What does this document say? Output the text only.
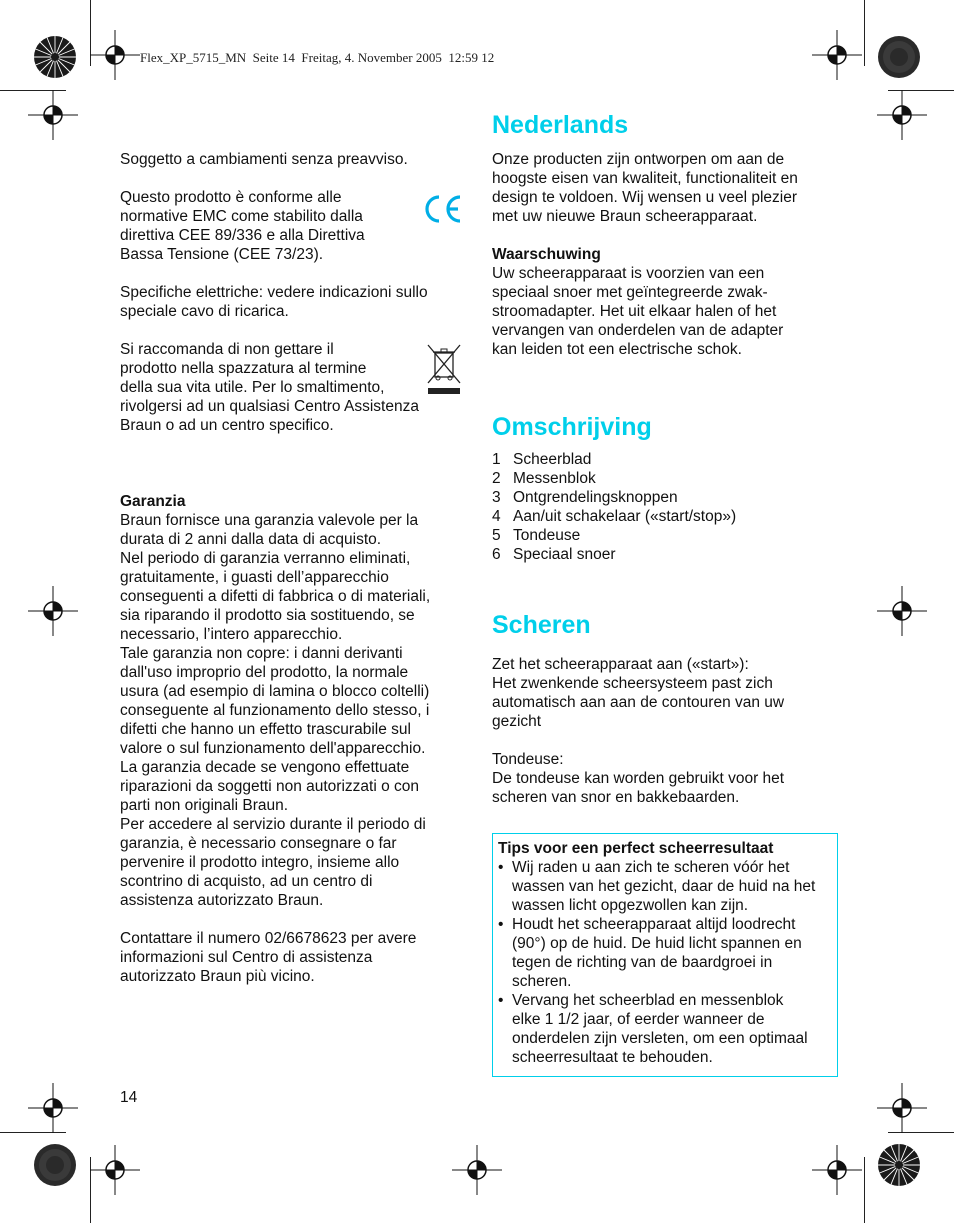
Flex_XP_5715_MN  Seite 14  Freitag, 4. November 2005  12:59 12

Soggetto a cambiamenti senza preavviso.

Questo prodotto è conforme alle
normative EMC come stabilito dalla
direttiva CEE 89/336 e alla Direttiva
Bassa Tensione (CEE 73/23).
Specifiche elettriche: vedere indicazioni sullo
speciale cavo di ricarica.
Si raccomanda di non gettare il
prodotto nella spazzatura al termine
della sua vita utile. Per lo smaltimento,
rivolgersi ad un qualsiasi Centro Assistenza
Braun o ad un centro specifico.
Garanzia
Braun fornisce una garanzia valevole per la
durata di 2 anni dalla data di acquisto.
Nel periodo di garanzia verranno eliminati,
gratuitamente, i guasti dell’apparecchio
conseguenti a difetti di fabbrica o di materiali,
sia riparando il prodotto sia sostituendo, se
necessario, l’intero apparecchio.
Tale garanzia non copre: i danni derivanti
dall'uso improprio del prodotto, la normale
usura (ad esempio di lamina o blocco coltelli)
conseguente al funzionamento dello stesso, i
difetti che hanno un effetto trascurabile sul
valore o sul funzionamento dell'apparecchio.
La garanzia decade se vengono effettuate
riparazioni da soggetti non autorizzati o con
parti non originali Braun.
Per accedere al servizio durante il periodo di
garanzia, è necessario consegnare o far
pervenire il prodotto integro, insieme allo
scontrino di acquisto, ad un centro di
assistenza autorizzato Braun.
Contattare il numero 02/6678623 per avere
informazioni sul Centro di assistenza
autorizzato Braun più vicino.
Nederlands
Onze producten zijn ontworpen om aan de
hoogste eisen van kwaliteit, functionaliteit en
design te voldoen. Wij wensen u veel plezier
met uw nieuwe Braun scheerapparaat.
Waarschuwing
Uw scheerapparaat is voorzien van een
speciaal snoer met geïntegreerde zwak-
stroomadapter. Het uit elkaar halen of het
vervangen van onderdelen van de adapter
kan leiden tot een electrische schok.
Omschrijving
1 Scheerblad
2 Messenblok
3 Ontgrendelingsknoppen
4 Aan/uit schakelaar («start/stop»)
5 Tondeuse
6 Speciaal snoer
Scheren
Zet het scheerapparaat aan («start»):
Het zwenkende scheersysteem past zich
automatisch aan aan de contouren van uw
gezicht
Tondeuse:
De tondeuse kan worden gebruikt voor het
scheren van snor en bakkebaarden.
Tips voor een perfect scheerresultaat
• Wij raden u aan zich te scheren vóór het
wassen van het gezicht, daar de huid na het
wassen licht opgezwollen kan zijn.
• Houdt het scheerapparaat altijd loodrecht
(90°) op de huid. De huid licht spannen en
tegen de richting van de baardgroei in
scheren.
• Vervang het scheerblad en messenblok
elke 1 1/2 jaar, of eerder wanneer de
onderdelen zijn versleten, om een optimaal
scheerresultaat te behouden.
14
